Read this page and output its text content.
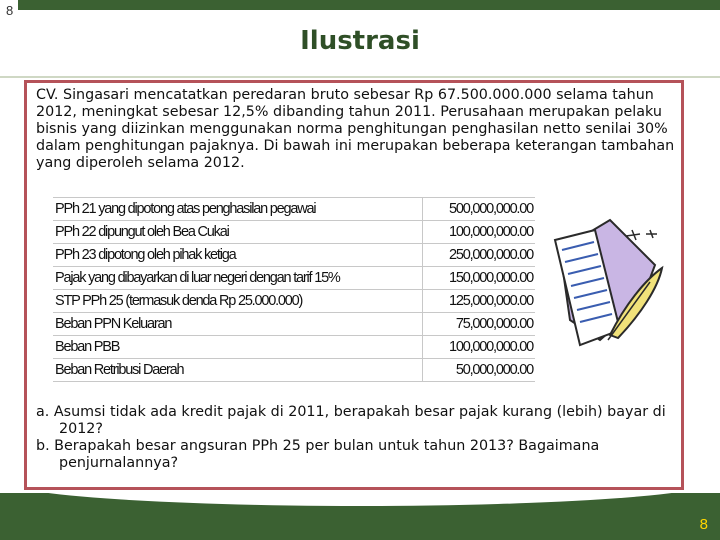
8
Ilustrasi
CV. Singasari mencatatkan peredaran bruto sebesar Rp 67.500.000.000 selama tahun 2012, meningkat sebesar 12,5% dibanding tahun 2011. Perusahaan merupakan pelaku bisnis yang diizinkan menggunakan norma penghitungan penghasilan netto senilai 30% dalam penghitungan pajaknya. Di bawah ini merupakan beberapa keterangan tambahan yang diperoleh selama 2012.
PPh 21 yang dipotong atas penghasilan pegawai	500,000,000.00
PPh 22 dipungut oleh Bea Cukai	100,000,000.00
PPh 23 dipotong oleh pihak ketiga	250,000,000.00
Pajak yang dibayarkan di luar negeri dengan tarif 15%	150,000,000.00
STP PPh 25 (termasuk denda Rp 25.000.000)	125,000,000.00
Beban PPN Keluaran	75,000,000.00
Beban PBB	100,000,000.00
Beban Retribusi Daerah	50,000,000.00
a. Asumsi tidak ada kredit pajak di 2011, berapakah besar pajak kurang (lebih) bayar di 2012?
b. Berapakah besar angsuran PPh 25 per bulan untuk tahun 2013? Bagaimana penjurnalannya?
8
